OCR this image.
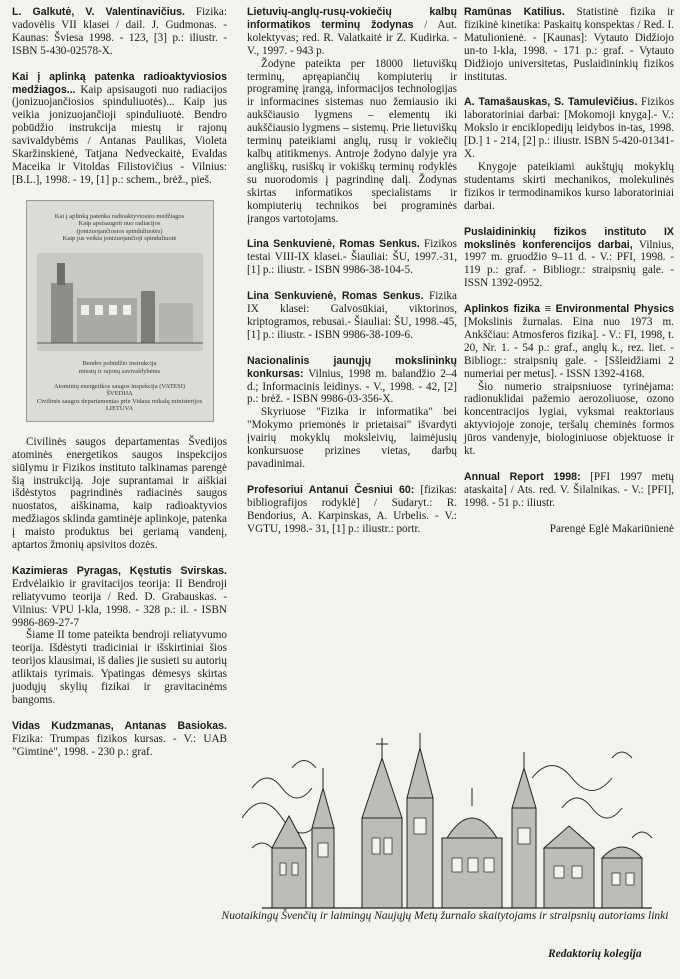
L. Galkutė, V. Valentinavičius. Fizika: vadovėlis VII klasei / dail. J. Gudmonas. - Kaunas: Šviesa 1998. - 123, [3] p.: iliustr. - ISBN 5-430-02578-X.
Kai į aplinką patenka radioaktyviosios medžiagos... Kaip apsisaugoti nuo radiacijos (jonizuojančiosios spinduliuotės)... Kaip jus veikia jonizuojančioji spinduliuotė. Bendro pobūdžio instrukcija miestų ir rajonų savivaldybėms / Antanas Paulikas, Violeta Skaržinskienė, Tatjana Nedveckaitė, Evaldas Maceika ir Vitoldas Filistovičius - Vilnius: [B.L.], 1998. - 19, [1] p.: schem., brėž., pieš.
Kai į aplinką patenka radioaktyviosios medžiagos
Kaip apsisaugoti nuo radiacijos
(jonizuojančiosios spinduliuotės)
Kaip jus veikia jonizuojančioji spinduliuotė
Bendro pobūdžio instrukcija
miestų ir rajonų savivaldybėms

Atominių energetikos saugos inspekcija (VATESI)
ŠVEDIJA
Civilinės saugos departamentas prie Vidaus reikalų ministerijos
LIETUVA

Civilinės saugos departamentas Švedijos atominės energetikos saugos inspekcijos siūlymu ir Fizikos instituto talkinamas parengė šią instrukciją. Joje suprantamai ir aiškiai išdėstytos pagrindinės radiacinės saugos nuostatos, aiškinama, kaip radioaktyvios medžiagos sklinda gamtinėje aplinkoje, patenka į maisto produktus bei geriamą vandenį, aptartos žmonių apsivitos dozės.

Kazimieras Pyragas, Kęstutis Svirskas. Erdvėlaikio ir gravitacijos teorija: II Bendroji reliatyvumo teorija / Red. D. Grabauskas. - Vilnius: VPU l-kla, 1998. - 328 p.: il. - ISBN 9986-869-27-7

Šiame II tome pateikta bendroji reliatyvumo teorija. Išdėstyti tradiciniai ir išskirtiniai šios teorijos klausimai, iš dalies jie susieti su autorių atliktais tyrimais. Ypatingas dėmesys skirtas juodųjų skylių fizikai ir gravitacinėms bangoms.

Vidas Kudzmanas, Antanas Basiokas. Fizika: Trumpas fizikos kursas. - V.: UAB "Gimtinė", 1998. - 230 p.: graf.
Lietuvių-anglų-rusų-vokiečių kalbų informatikos terminų žodynas / Aut. kolektyvas; red. R. Valatkaitė ir Z. Kudirka. -V., 1997. - 943 p.

Žodyne pateikta per 18000 lietuviškų terminų, apręapiančių kompiuterių ir programinę įrangą, informacijos technologijas ir informacines sistemas nuo žemiausio iki aukščiausio lygmens – elementų iki aukščiausio lygmens – sistemų. Prie lietuviškų terminų pateikiami anglų, rusų ir vokiečių kalbų atitikmenys. Antroje žodyno dalyje yra angliškų, rusiškų ir vokiškų terminų rodyklės su nuorodomis į pagrindinę dalį. Žodynas skirtas informatikos specialistams ir kompiuterių technikos bei programinės įrangos vartotojams.

Lina Senkuvienė, Romas Senkus. Fizikos testai VIII-IX klasei.- Šiauliai: ŠU, 1997.-31, [1] p.: iliustr. - ISBN 9986-38-104-5.
Lina Senkuvienė, Romas Senkus. Fizika IX klasei: Galvosūkiai, viktorinos, kriptogramos, rebusai.- Šiauliai: ŠU, 1998.-45, [1] p.: iliustr. - ISBN 9986-38-109-6.
Nacionalinis jaunųjų mokslininkų konkursas: Vilnius, 1998 m. balandžio 2–4 d.; Informacinis leidinys. - V., 1998. - 42, [2] p.: brėž. - ISBN 9986-03-356-X.

Skyriuose "Fizika ir informatika" bei "Mokymo priemonės ir prietaisai" išvardyti įvairių mokyklų moksleivių, laimėjusių konkursuose prizines vietas, darbų pavadinimai.

Profesoriui Antanui Česniui 60: [fizikas: bibliografijos rodyklė] / Sudaryt.: R. Bendorius, A. Karpinskas, A. Urbelis. - V.: VGTU, 1998.- 31, [1] p.: iliustr.: portr.
Ramūnas Katilius. Statistinė fizika ir fizikinė kinetika: Paskaitų konspektas / Red. I. Matulionienė. - [Kaunas]: Vytauto Didžiojo un-to l-kla, 1998. - 171 p.: graf. - Vytauto Didžiojo universitetas, Puslaidininkių fizikos institutas.
A. Tamašauskas, S. Tamulevičius. Fizikos laboratoriniai darbai: [Mokomoji knyga].- V.: Mokslo ir enciklopedijų leidybos in-tas, 1998. [D.] 1 - 214, [2] p.: iliustr. ISBN 5-420-01341-X.

Knygoje pateikiami aukštųjų mokyklų studentams skirti mechanikos, molekulinės fizikos ir termodinamikos kurso laboratoriniai darbai.

Puslaidininkių fizikos instituto IX mokslinės konferencijos darbai, Vilnius, 1997 m. gruodžio 9–11 d. - V.: PFI, 1998. - 119 p.: graf. - Bibliogr.: straipsnių gale. - ISSN 1392-0952.
Aplinkos fizika ≡ Environmental Physics [Mokslinis žurnalas. Eina nuo 1973 m. Ankščiau: Atmosferos fizika]. - V.: FI, 1998, t. 20, Nr. 1. - 54 p.: graf., anglų k., rez. liet. - Bibliogr.: straipsnių gale. - [Sšleidžiami 2 numeriai per metus]. - ISSN 1392-4168.

Šio numerio straipsniuose tyrinėjama: radionuklidai pažemio aerozoliuose, ozono koncentracijos lygiai, vyksmai reaktoriaus aktyviojoje zonoje, teršalų cheminės formos jūros vandenyje, biologiniuose objektuose ir kt.

Annual Report 1998: [PFI 1997 metų ataskaita] / Ats. red. V. Šilalnikas. - V.: [PFI], 1998. - 51 p.: iliustr.
Parengė Eglė Makariūnienė
Nuotaikingų Švenčių ir laimingų Naujųjų Metų žurnalo skaitytojams ir straipsnių autoriams linki
Redaktorių kolegija
